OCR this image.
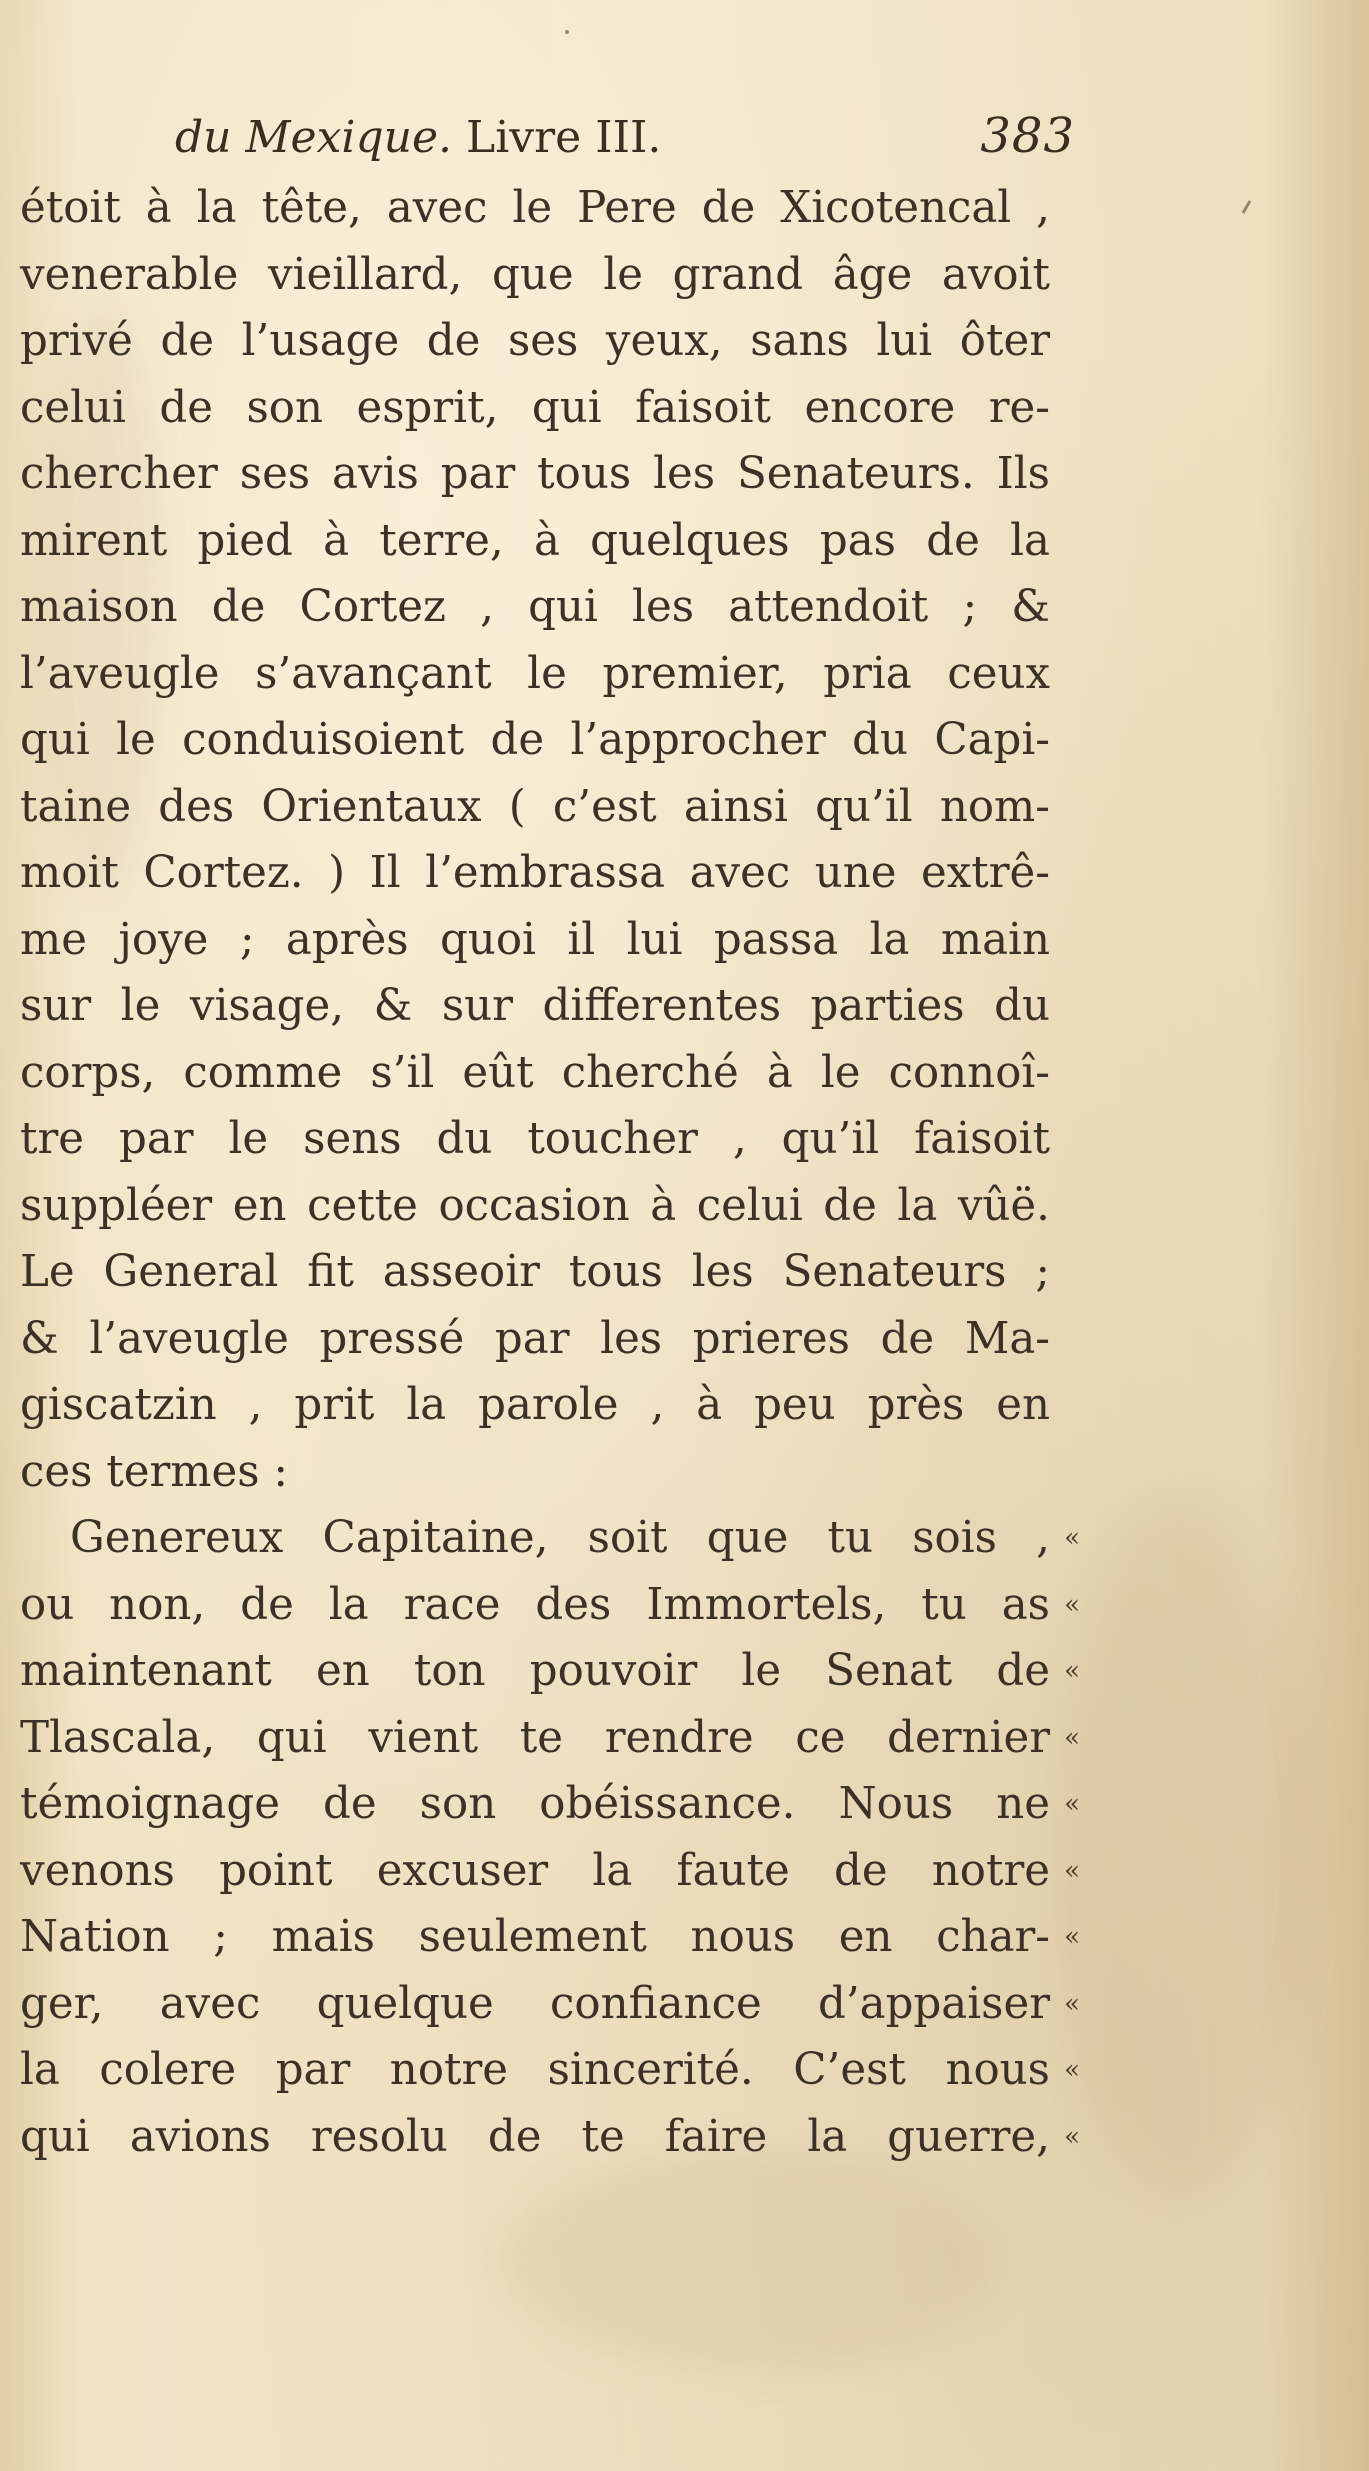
du Mexique. Livre III.	383
étoit à la tête, avec le Pere de Xicotencal ,
venerable vieillard, que le grand âge avoit
privé de l’usage de ses yeux, sans lui ôter
celui de son esprit, qui faisoit encore re-
chercher ses avis par tous les Senateurs. Ils
mirent pied à terre, à quelques pas de la
maison de Cortez , qui les attendoit ; &
l’aveugle s’avançant le premier, pria ceux
qui le conduisoient de l’approcher du Capi-
taine des Orientaux ( c’est ainsi qu’il nom-
moit Cortez. ) Il l’embrassa avec une extrê-
me joye ; après quoi il lui passa la main
sur le visage, & sur differentes parties du
corps, comme s’il eût cherché à le connoî-
tre par le sens du toucher , qu’il faisoit
suppléer en cette occasion à celui de la vûë.
Le General fit asseoir tous les Senateurs ;
& l’aveugle pressé par les prieres de Ma-
giscatzin , prit la parole , à peu près en
ces termes :
Genereux Capitaine, soit que tu sois , «
ou non, de la race des Immortels, tu as «
maintenant en ton pouvoir le Senat de «
Tlascala, qui vient te rendre ce dernier «
témoignage de son obéissance. Nous ne «
venons point excuser la faute de notre «
Nation ; mais seulement nous en char- «
ger, avec quelque confiance d’appaiser «
la colere par notre sincerité. C’est nous «
qui avions resolu de te faire la guerre, «
